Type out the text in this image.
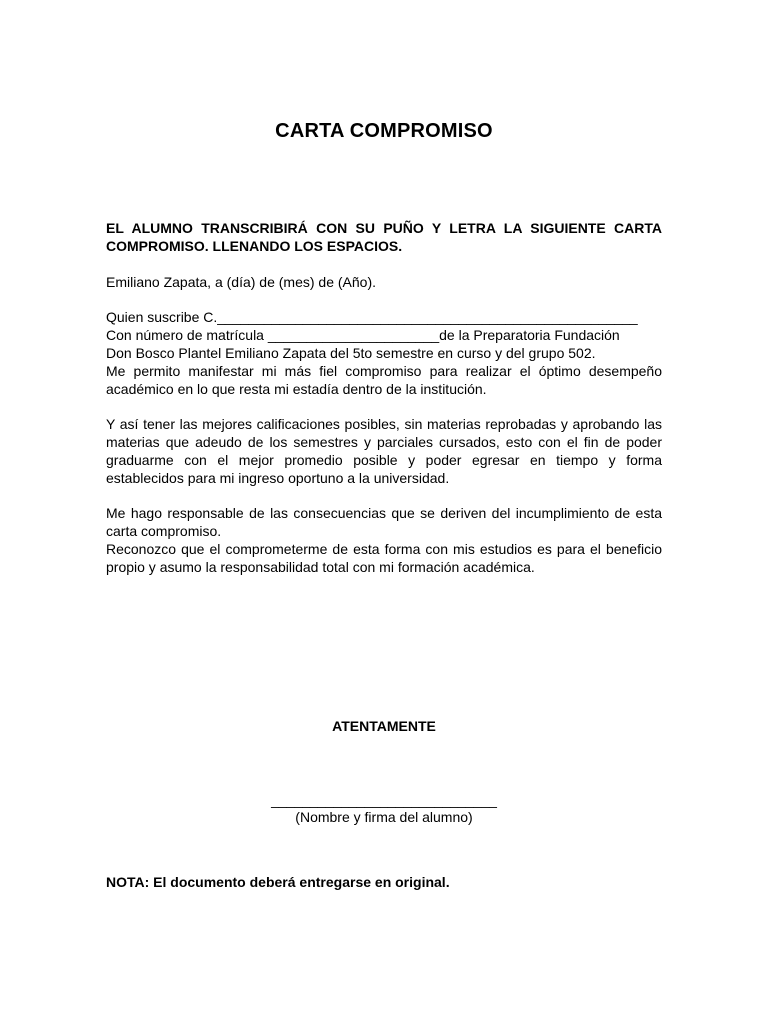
CARTA COMPROMISO
EL ALUMNO TRANSCRIBIRÁ CON SU PUÑO Y LETRA LA SIGUIENTE CARTA COMPROMISO. LLENANDO LOS ESPACIOS.
Emiliano Zapata, a (día) de (mes) de (Año).
Quien suscribe C.______________________________________________________
Con número de matrícula ______________________de la Preparatoria Fundación
Don Bosco Plantel Emiliano Zapata del 5to semestre en curso y del grupo 502.
Me permito manifestar mi más fiel compromiso para realizar el óptimo desempeño académico en lo que resta mi estadía dentro de la institución.
Y así tener las mejores calificaciones posibles, sin materias reprobadas y aprobando las materias que adeudo de los semestres y parciales cursados, esto con el fin de poder graduarme con el mejor promedio posible y poder egresar en tiempo y forma establecidos para mi ingreso oportuno a la universidad.
Me hago responsable de las consecuencias que se deriven del incumplimiento de esta carta compromiso.
Reconozco que el comprometerme de esta forma con mis estudios es para el beneficio propio y asumo la responsabilidad total con mi formación académica.
ATENTAMENTE
_____________________________
(Nombre y firma del alumno)
NOTA: El documento deberá entregarse en original.
